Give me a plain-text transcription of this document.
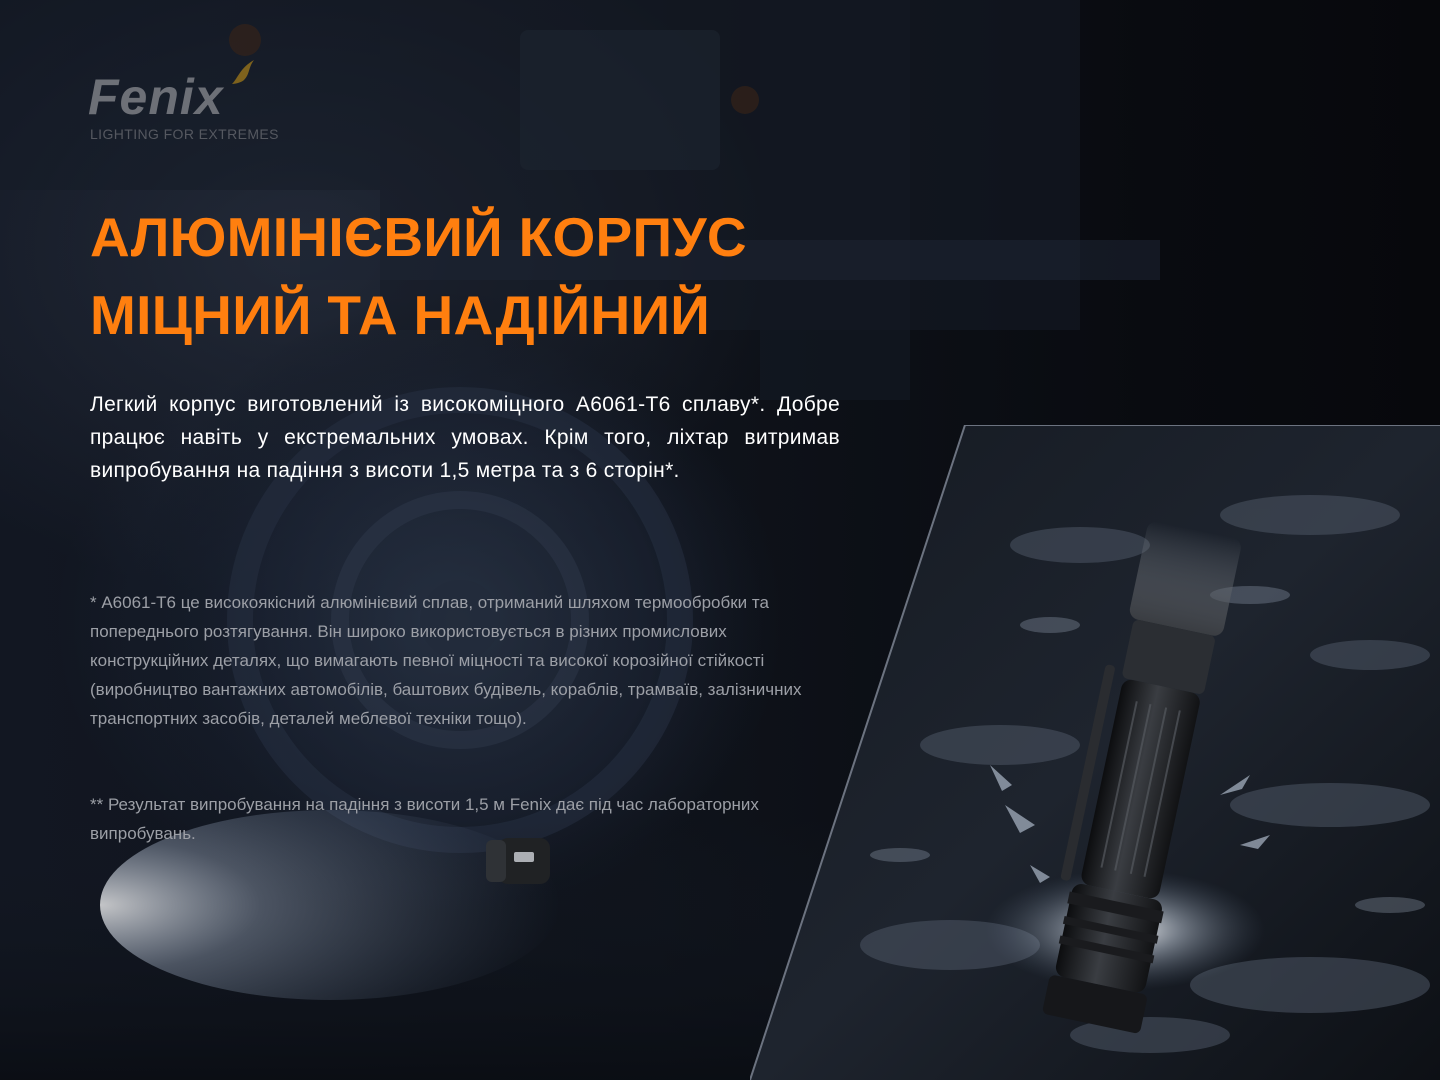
Fenix
LIGHTING FOR EXTREMES
АЛЮМІНІЄВИЙ КОРПУС
МІЦНИЙ ТА НАДІЙНИЙ

Легкий корпус виготовлений із високоміцного А6061-Т6 сплаву*. Добре працює навіть у екстремальних умовах. Крім того, ліхтар витримав випробування на падіння з висоти 1,5 метра та з 6 сторін*.

* А6061-Т6 це високоякісний алюмінієвий сплав, отриманий шляхом термообробки та попереднього розтягування. Він широко використовується в різних промислових конструкційних деталях, що вимагають певної міцності та високої корозійної стійкості (виробництво вантажних автомобілів, баштових будівель, кораблів, трамваїв, залізничних транспортних засобів, деталей меблевої техніки тощо).

** Результат випробування на падіння з висоти 1,5 м Fenix дає під час лабораторних випробувань.
